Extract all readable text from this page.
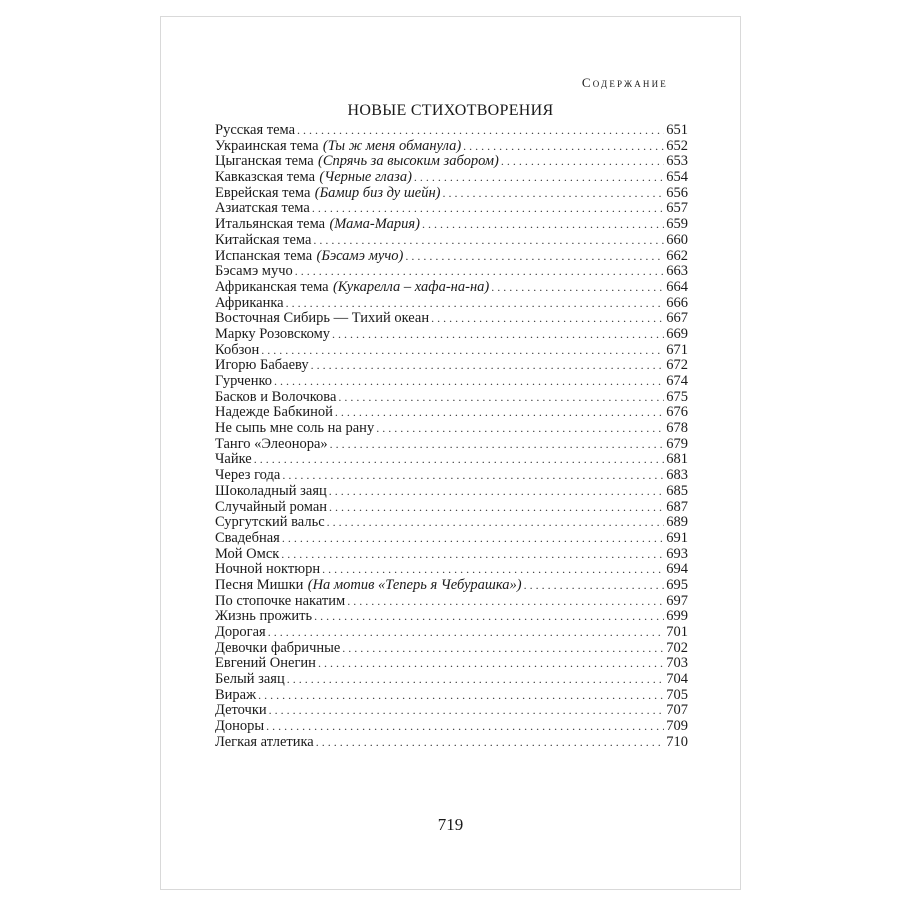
Содержание
НОВЫЕ СТИХОТВОРЕНИЯ
Русская тема . . .	651
Украинская тема (Ты ж меня обманула) . . .	652
Цыганская тема (Спрячь за высоким забором) . . .	653
Кавказская тема (Черные глаза) . . .	654
Еврейская тема (Бамир биз ду шейн) . . .	656
Азиатская тема . . .	657
Итальянская тема (Мама-Мария) . . .	659
Китайская тема . . .	660
Испанская тема (Бэсамэ мучо) . . .	662
Бэсамэ мучо . . .	663
Африканская тема (Кукарелла – хафа-на-на) . . .	664
Африканка . . .	666
Восточная Сибирь — Тихий океан . . .	667
Марку Розовскому . . .	669
Кобзон . . .	671
Игорю Бабаеву . . .	672
Гурченко . . .	674
Басков и Волочкова . . .	675
Надежде Бабкиной . . .	676
Не сыпь мне соль на рану . . .	678
Танго «Элеонора» . . .	679
Чайке . . .	681
Через года . . .	683
Шоколадный заяц . . .	685
Случайный роман . . .	687
Сургутский вальс . . .	689
Свадебная . . .	691
Мой Омск . . .	693
Ночной ноктюрн . . .	694
Песня Мишки (На мотив «Теперь я Чебурашка») . . .	695
По стопочке накатим . . .	697
Жизнь прожить . . .	699
Дорогая . . .	701
Девочки фабричные . . .	702
Евгений Онегин . . .	703
Белый заяц . . .	704
Вираж . . .	705
Деточки . . .	707
Доноры . . .	709
Легкая атлетика . . .	710
719
